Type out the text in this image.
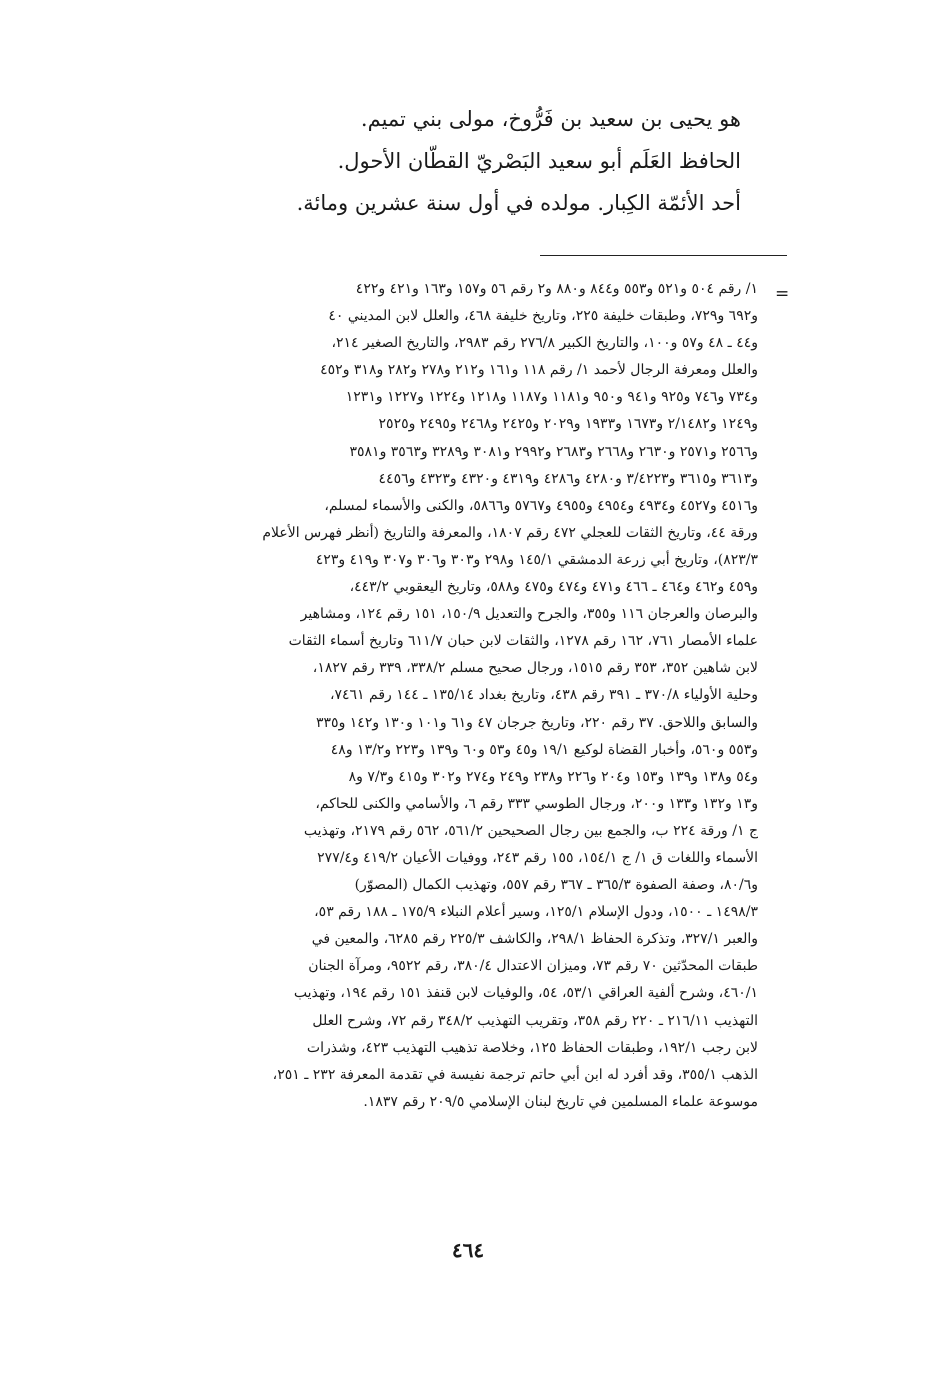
هو يحيى بن سعيد بن فَرُّوخ، مولى بني تميم.
الحافظ العَلَم أبو سعيد البَصْريّ القطّان الأحول.
أحد الأئمّة الكِبار. مولده في أول سنة عشرين ومائة.
=
١/ رقم ٥٠٤ و٥٢١ و٥٥٣ و٨٤٤ و٨٨٠ و٢ رقم ٥٦ و١٥٧ و١٦٣ و٤٢١ و٤٢٢
و٦٩٢ و٧٢٩، وطبقات خليفة ٢٢٥، وتاريخ خليفة ٤٦٨، والعلل لابن المديني ٤٠
و٤٤ ـ ٤٨ و٥٧ و١٠٠، والتاريخ الكبير ٢٧٦/٨ رقم ٢٩٨٣، والتاريخ الصغير ٢١٤،
والعلل ومعرفة الرجال لأحمد ١/ رقم ١١٨ و١٦١ و٢١٢ و٢٧٨ و٢٨٢ و٣١٨ و٤٥٢
و٧٣٤ و٧٤٦ و٩٢٥ و٩٤١ و٩٥٠ و١١٨١ و١١٨٧ و١٢١٨ و١٢٢٤ و١٢٢٧ و١٢٣١
و١٢٤٩ و٢/١٤٨٢ و١٦٧٣ و١٩٣٣ و٢٠٢٩ و٢٤٢٥ و٢٤٦٨ و٢٤٩٥ و٢٥٢٥
و٢٥٦٦ و٢٥٧١ و٢٦٣٠ و٢٦٦٨ و٢٦٨٣ و٢٩٩٢ و٣٠٨١ و٣٢٨٩ و٣٥٦٣ و٣٥٨١
و٣٦١٣ و٣٦١٥ و٣/٤٢٢٣ و٤٢٨٠ و٤٢٨٦ و٤٣١٩ و٤٣٢٠ و٤٣٢٣ و٤٤٥٦
و٤٥١٦ و٤٥٢٧ و٤٩٣٤ و٤٩٥٤ و٤٩٥٥ و٥٧٦٧ و٥٨٦٦، والكنى والأسماء لمسلم،
ورقة ٤٤، وتاريخ الثقات للعجلي ٤٧٢ رقم ١٨٠٧، والمعرفة والتاريخ (أنظر فهرس الأعلام
٨٢٣/٣)، وتاريخ أبي زرعة الدمشقي ١٤٥/١ و٢٩٨ و٣٠٣ و٣٠٦ و٣٠٧ و٤١٩ و٤٢٣
و٤٥٩ و٤٦٢ و٤٦٤ ـ ٤٦٦ و٤٧١ و٤٧٤ و٤٧٥ و٥٨٨، وتاريخ اليعقوبي ٤٤٣/٢،
والبرصان والعرجان ١١٦ و٣٥٥، والجرح والتعديل ١٥٠/٩، ١٥١ رقم ١٢٤، ومشاهير
علماء الأمصار ٧٦١، ١٦٢ رقم ١٢٧٨، والثقات لابن حبان ٦١١/٧ وتاريخ أسماء الثقات
لابن شاهين ٣٥٢، ٣٥٣ رقم ١٥١٥، ورجال صحيح مسلم ٣٣٨/٢، ٣٣٩ رقم ١٨٢٧،
وحلية الأولياء ٣٧٠/٨ ـ ٣٩١ رقم ٤٣٨، وتاريخ بغداد ١٣٥/١٤ ـ ١٤٤ رقم ٧٤٦١،
والسابق واللاحق. ٣٧ رقم ٢٢٠، وتاريخ جرجان ٤٧ و٦١ و١٠١ و١٣٠ و١٤٢ و٣٣٥
و٥٥٣ و٥٦٠، وأخبار القضاة لوكيع ١٩/١ و٤٥ و٥٣ و٦٠ و١٣٩ و٢٢٣ و١٣/٢ و٤٨
و٥٤ و١٣٨ و١٣٩ و١٥٣ و٢٠٤ و٢٢٦ و٢٣٨ و٢٤٩ و٢٧٤ و٣٠٢ و٤١٥ و٧/٣ و٨
و١٣ و١٣٢ و١٣٣ و٢٠٠، ورجال الطوسي ٣٣٣ رقم ٦، والأسامي والكنى للحاكم،
ج ١/ ورقة ٢٢٤ ب، والجمع بين رجال الصحيحين ٥٦١/٢، ٥٦٢ رقم ٢١٧٩، وتهذيب
الأسماء واللغات ق ١/ ج ١٥٤/١، ١٥٥ رقم ٢٤٣، ووفيات الأعيان ٤١٩/٢ و٢٧٧/٤
و٨٠/٦، وصفة الصفوة ٣٦٥/٣ ـ ٣٦٧ رقم ٥٥٧، وتهذيب الكمال (المصوّر)
١٤٩٨/٣ ـ ١٥٠٠، ودول الإسلام ١٢٥/١، وسير أعلام النبلاء ١٧٥/٩ ـ ١٨٨ رقم ٥٣،
والعبر ٣٢٧/١، وتذكرة الحفاظ ٢٩٨/١، والكاشف ٢٢٥/٣ رقم ٦٢٨٥، والمعين في
طبقات المحدّثين ٧٠ رقم ٧٣، وميزان الاعتدال ٣٨٠/٤، رقم ٩٥٢٢، ومرآة الجنان
٤٦٠/١، وشرح ألفية العراقي ٥٣/١، ٥٤، والوفيات لابن قنفذ ١٥١ رقم ١٩٤، وتهذيب
التهذيب ٢١٦/١١ ـ ٢٢٠ رقم ٣٥٨، وتقريب التهذيب ٣٤٨/٢ رقم ٧٢، وشرح العلل
لابن رجب ١٩٢/١، وطبقات الحفاظ ١٢٥، وخلاصة تذهيب التهذيب ٤٢٣، وشذرات
الذهب ٣٥٥/١، وقد أفرد له ابن أبي حاتم ترجمة نفيسة في تقدمة المعرفة ٢٣٢ ـ ٢٥١،
موسوعة علماء المسلمين في تاريخ لبنان الإسلامي ٢٠٩/٥ رقم ١٨٣٧.
٤٦٤
